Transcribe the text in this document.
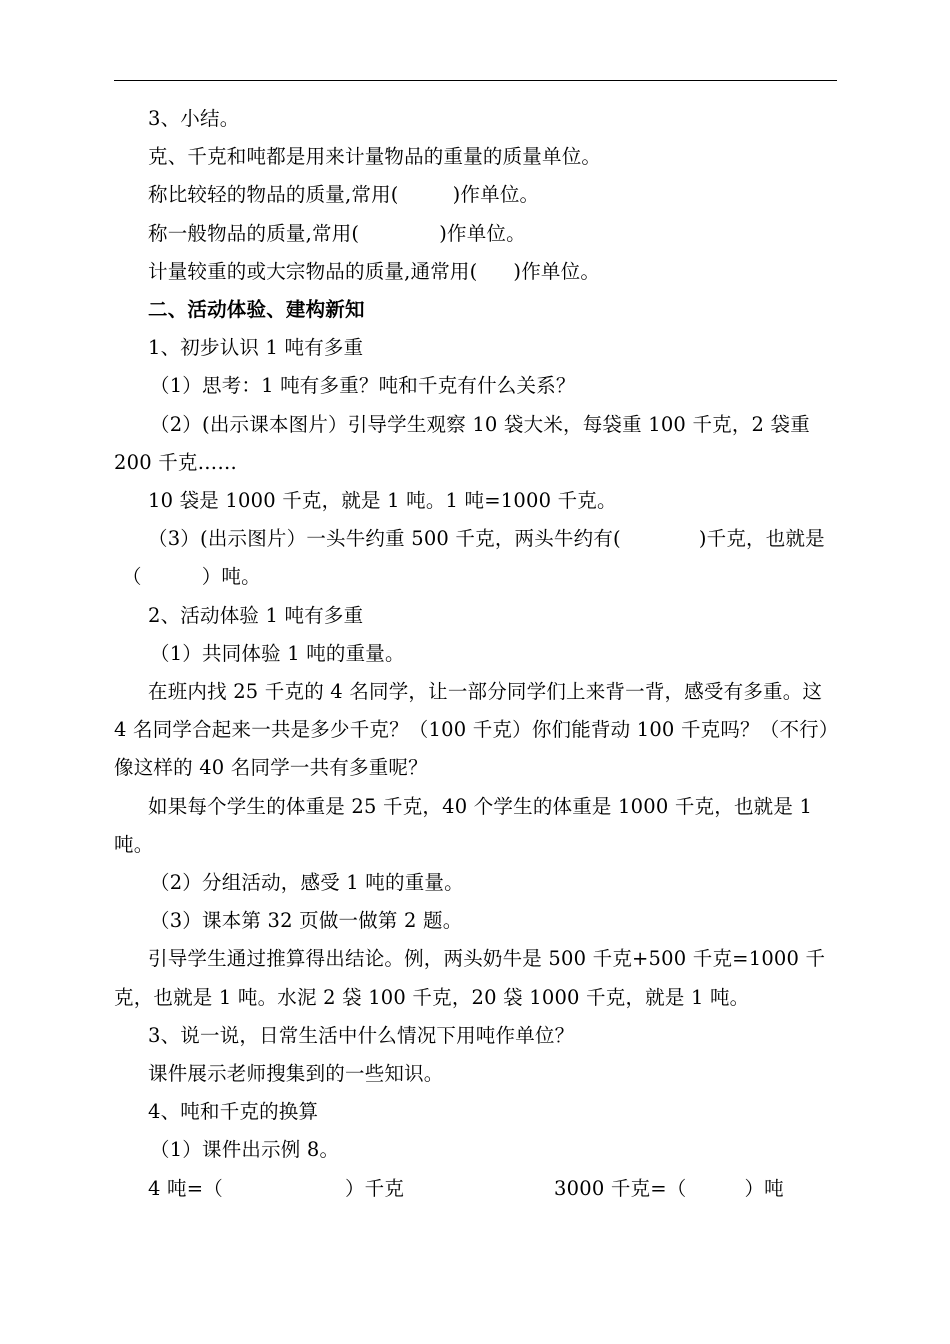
3、小结。

克、千克和吨都是用来计量物品的重量的质量单位。

称比较轻的物品的质量,常用(	)作单位。

称一般物品的质量,常用(	)作单位。

计量较重的或大宗物品的质量,通常用( )作单位。

二、活动体验、建构新知

1、初步认识 1 吨有多重

（1）思考：1 吨有多重？吨和千克有什么关系？

（2）(出示课本图片）引导学生观察 10 袋大米，每袋重 100 千克，2 袋重 200 千克……

10 袋是 1000 千克，就是 1 吨。1 吨=1000 千克。

（3）(出示图片）一头牛约重 500 千克，两头牛约有(	)千克，也就是
（	）吨。

2、活动体验 1 吨有多重

（1）共同体验 1 吨的重量。

在班内找 25 千克的 4 名同学，让一部分同学们上来背一背，感受有多重。这 4 名同学合起来一共是多少千克？（100 千克）你们能背动 100 千克吗？（不行）像这样的 40 名同学一共有多重呢？

如果每个学生的体重是 25 千克，40 个学生的体重是 1000 千克，也就是 1 吨。

（2）分组活动，感受 1 吨的重量。

（3）课本第 32 页做一做第 2 题。

引导学生通过推算得出结论。例，两头奶牛是 500 千克+500 千克=1000 千克，也就是 1 吨。水泥 2 袋 100 千克，20 袋 1000 千克，就是 1 吨。

3、说一说，日常生活中什么情况下用吨作单位？

课件展示老师搜集到的一些知识。

4、吨和千克的换算

（1）课件出示例 8。

4 吨=（	）千克	3000 千克=（	）吨
